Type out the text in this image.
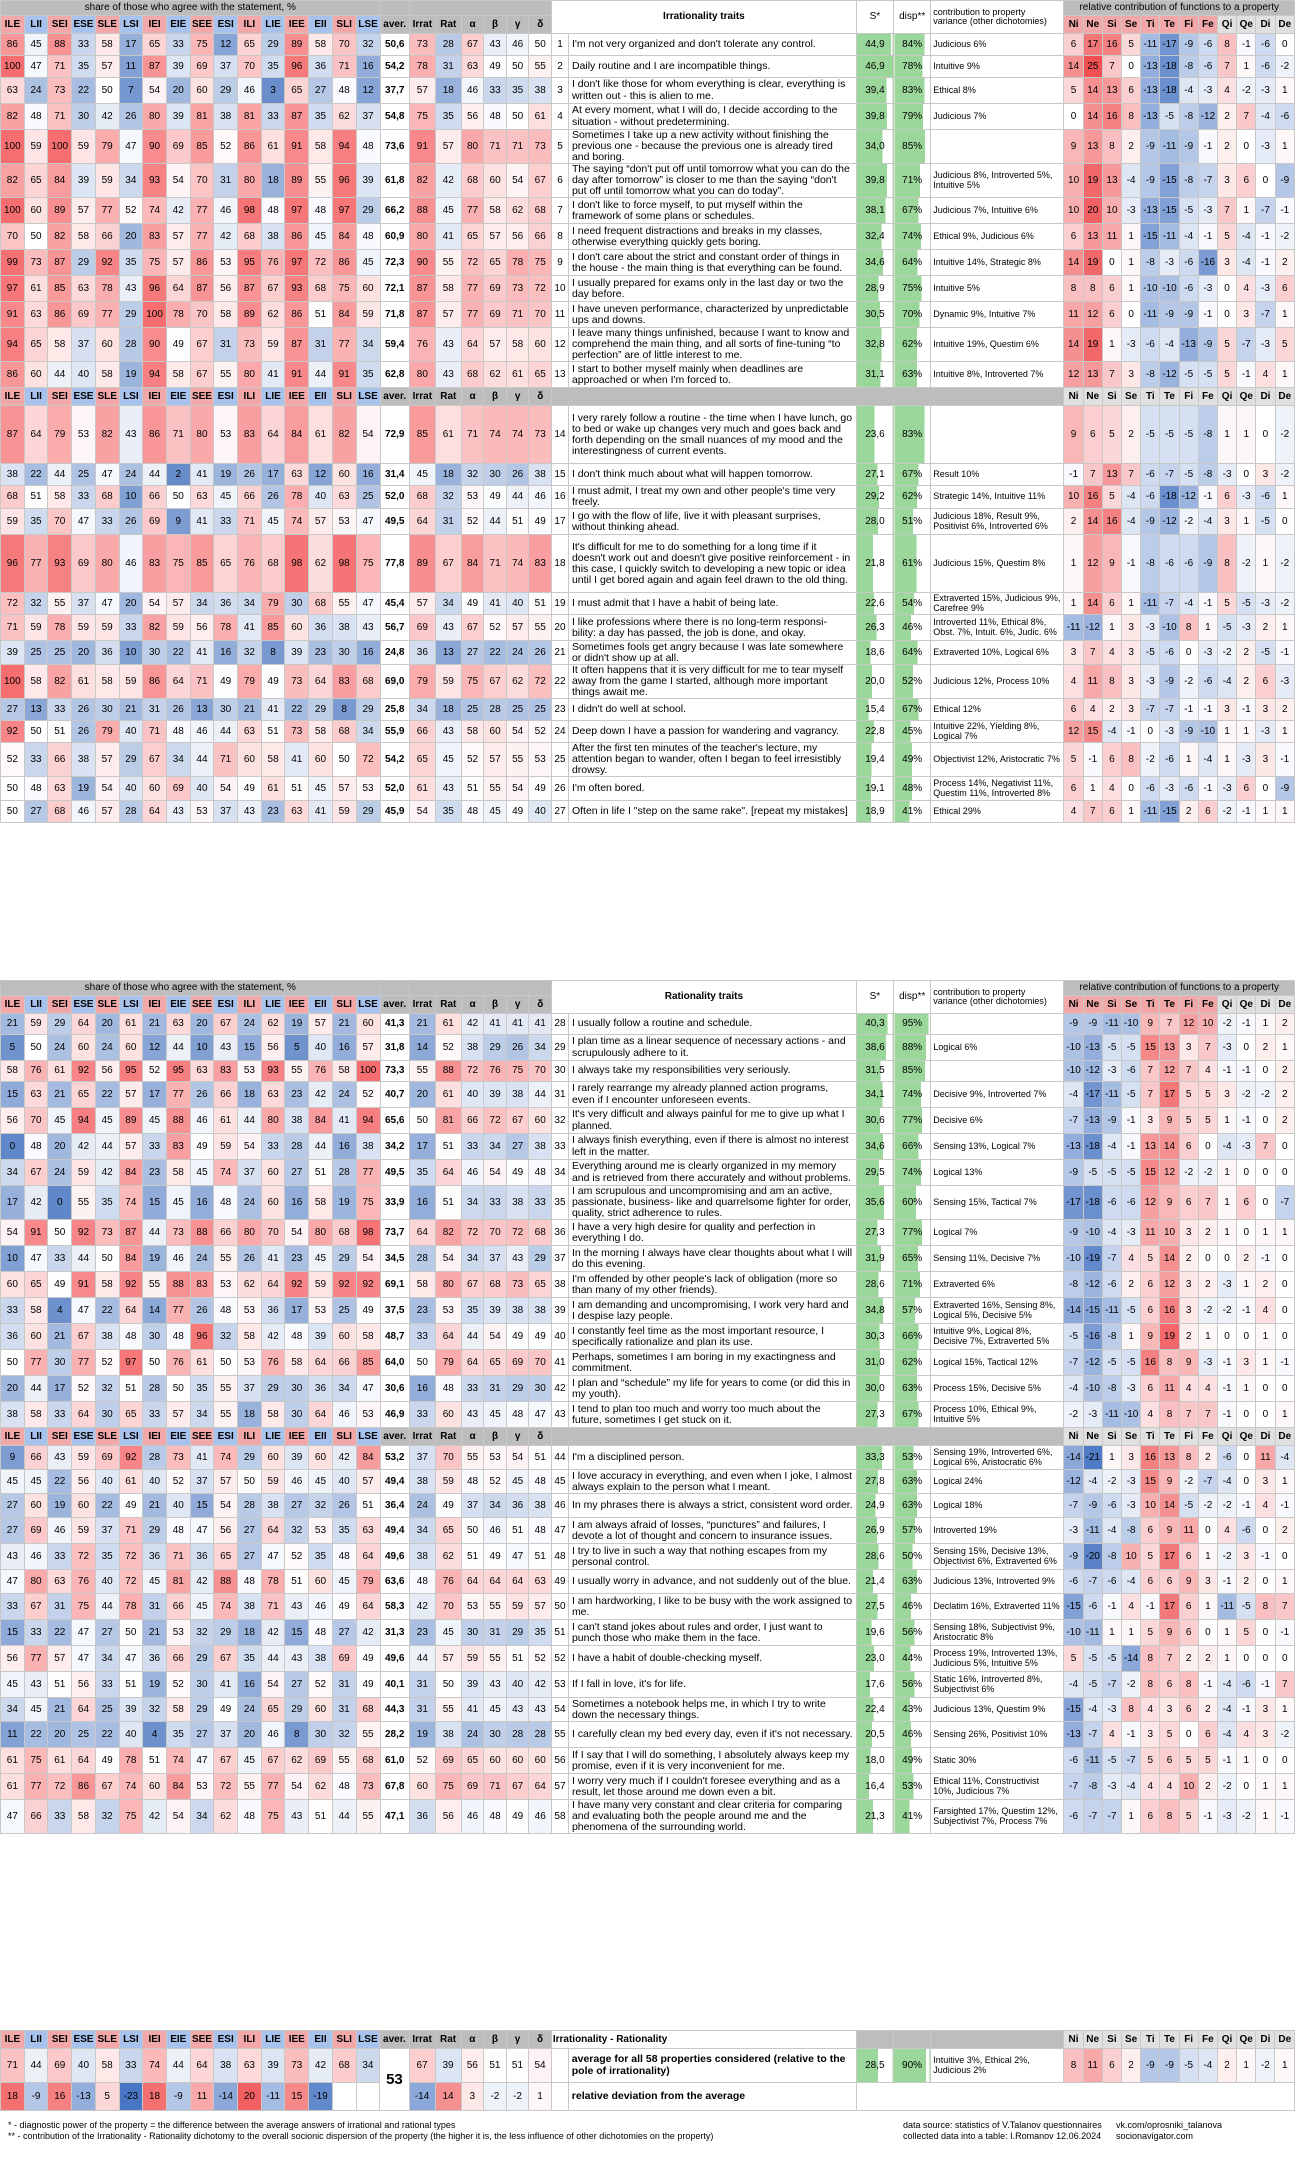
share of those who agree with the statement, %																							Irrationality traits		S*	disp**	contribution to property variance (other dichotomies)	relative contribution of functions to a property											
ILE	LII	SEI	ESE	SLE	LSI	IEI	EIE	SEE	ESI	ILI	LIE	IEE	EII	SLI	LSE	aver.	Irrat	Rat	α	β	γ	δ						Ni	Ne	Si	Se	Ti	Te	Fi	Fe	Qi	Qe	Di	De
86	45	88	33	58	17	65	33	75	12	65	29	89	58	70	32	50,6	73	28	67	43	46	50	1	I'm not very organized and don't tolerate any control.	44,9	84%	Judicious 6%	6	17	16	5	-11	-17	-9	-6	8	-1	-6	0
100	47	71	35	57	11	87	39	69	37	70	35	96	36	71	16	54,2	78	31	63	49	50	55	2	Daily routine and I are incompatible things.	46,9	78%	Intuitive 9%	14	25	7	0	-13	-18	-8	-6	7	1	-6	-2
63	24	73	22	50	7	54	20	60	29	46	3	65	27	48	12	37,7	57	18	46	33	35	38	3	I don't like those for whom everything is clear, everything is written out - this is alien to me.	39,4	83%	Ethical 8%	5	14	13	6	-13	-18	-4	-3	4	-2	-3	1
82	48	71	30	42	26	80	39	81	38	81	33	87	35	62	37	54,8	75	35	56	48	50	61	4	At every moment, what I will do, I decide according to the situation - without predetermining.	39,8	79%	Judicious 7%	0	14	16	8	-13	-5	-8	-12	2	7	-4	-6
100	59	100	59	79	47	90	69	85	52	86	61	91	58	94	48	73,6	91	57	80	71	71	73	5	Sometimes I take up a new activity without finishing the previous one - because the previous one is already tired and boring.	34,0	85%		9	13	8	2	-9	-11	-9	-1	2	0	-3	1
82	65	84	39	59	34	93	54	70	31	80	18	89	55	96	39	61,8	82	42	68	60	54	67	6	The saying “don't put off until tomorrow what you can do the day after tomorrow” is closer to me than the saying “don't put off until tomorrow what you can do today”.	39,8	71%	Judicious 8%, Introverted 5%, Intuitive 5%	10	19	13	-4	-9	-15	-8	-7	3	6	0	-9
100	60	89	57	77	52	74	42	77	46	98	48	97	48	97	29	66,2	88	45	77	58	62	68	7	I don't like to force myself, to put myself within the framework of some plans or schedules.	38,1	67%	Judicious 7%, Intuitive 6%	10	20	10	-3	-13	-15	-5	-3	7	1	-7	-1
70	50	82	58	66	20	83	57	77	42	68	38	86	45	84	48	60,9	80	41	65	57	56	66	8	I need frequent distractions and breaks in my classes, otherwise everything quickly gets boring.	32,4	74%	Ethical 9%, Judicious 6%	6	13	11	1	-15	-11	-4	-1	5	-4	-1	-2
99	73	87	29	92	35	75	57	86	53	95	76	97	72	86	45	72,3	90	55	72	65	78	75	9	I don't care about the strict and constant order of things in the house - the main thing is that everything can be found.	34,6	64%	Intuitive 14%, Strategic 8%	14	19	0	1	-8	-3	-6	-16	3	-4	-1	2
97	61	85	63	78	43	96	64	87	56	87	67	93	68	75	60	72,1	87	58	77	69	73	72	10	I usually prepared for exams only in the last day or two the day before.	28,9	75%	Intuitive 5%	8	8	6	1	-10	-10	-6	-3	0	4	-3	6
91	63	86	69	77	29	100	78	70	58	89	62	86	51	84	59	71,8	87	57	77	69	71	70	11	I have uneven performance, characterized by unpredictable ups and downs.	30,5	70%	Dynamic 9%, Intuitive 7%	11	12	6	0	-11	-9	-9	-1	0	3	-7	1
94	65	58	37	60	28	90	49	67	31	73	59	87	31	77	34	59,4	76	43	64	57	58	60	12	I leave many things unfinished, because I want to know and comprehend the main thing, and all sorts of fine-tuning “to perfection” are of little interest to me.	32,8	62%	Intuitive 19%, Questim 6%	14	19	1	-3	-6	-4	-13	-9	5	-7	-3	5
86	60	44	40	58	19	94	58	67	55	80	41	91	44	91	35	62,8	80	43	68	62	61	65	13	I start to bother myself mainly when deadlines are approached or when I'm forced to.	31,1	63%	Intuitive 8%, Introverted 7%	12	13	7	3	-8	-12	-5	-5	5	-1	4	1
ILE	LII	SEI	ESE	SLE	LSI	IEI	EIE	SEE	ESI	ILI	LIE	IEE	EII	SLI	LSE	aver.	Irrat	Rat	α	β	γ	δ						Ni	Ne	Si	Se	Ti	Te	Fi	Fe	Qi	Qe	Di	De
87	64	79	53	82	43	86	71	80	53	83	64	84	61	82	54	72,9	85	61	71	74	74	73	14	I very rarely follow a routine - the time when I have lunch, go to bed or wake up changes very much and goes back and forth depending on the small nuances of my mood and the interestingness of current events.	23,6	83%		9	6	5	2	-5	-5	-5	-8	1	1	0	-2
38	22	44	25	47	24	44	2	41	19	26	17	63	12	60	16	31,4	45	18	32	30	26	38	15	I don't think much about what will happen tomorrow.	27,1	67%	Result 10%	-1	7	13	7	-6	-7	-5	-8	-3	0	3	-2
68	51	58	33	68	10	66	50	63	45	66	26	78	40	63	25	52,0	68	32	53	49	44	46	16	I must admit, I treat my own and other people's time very freely.	29,2	62%	Strategic 14%, Intuitive 11%	10	16	5	-4	-6	-18	-12	-1	6	-3	-6	1
59	35	70	47	33	26	69	9	41	33	71	45	74	57	53	47	49,5	64	31	52	44	51	49	17	I go with the flow of life, live it with pleasant surprises, without thinking ahead.	28,0	51%	Judicious 18%, Result 9%, Positivist 6%, Introverted 6%	2	14	16	-4	-9	-12	-2	-4	3	1	-5	0
96	77	93	69	80	46	83	75	85	65	76	68	98	62	98	75	77,8	89	67	84	71	74	83	18	It's difficult for me to do something for a long time if it doesn't work out and doesn't give positive reinforcement - in this case, I quickly switch to developing a new topic or idea until I get bored again and again feel drawn to the old thing.	21,8	61%	Judicious 15%, Questim 8%	1	12	9	-1	-8	-6	-6	-9	8	-2	1	-2
72	32	55	37	47	20	54	57	34	36	34	79	30	68	55	47	45,4	57	34	49	41	40	51	19	I must admit that I have a habit of being late.	22,6	54%	Extraverted 15%, Judicious 9%, Carefree 9%	1	14	6	1	-11	-7	-4	-1	5	-5	-3	-2
71	59	78	59	59	33	82	59	56	78	41	85	60	36	38	43	56,7	69	43	67	52	57	55	20	I like professions where there is no long-term responsi- bility: a day has passed, the job is done, and okay.	26,3	46%	Introverted 11%, Ethical 8%, Obst. 7%, Intuit. 6%, Judic. 6%	-11	-12	1	3	-3	-10	8	1	-5	-3	2	1
39	25	25	20	36	10	30	22	41	16	32	8	39	23	30	16	24,8	36	13	27	22	24	26	21	Sometimes fools get angry because I was late somewhere or didn't show up at all.	18,6	64%	Extraverted 10%, Logical 6%	3	7	4	3	-5	-6	0	-3	-2	2	-5	-1
100	58	82	61	58	59	86	64	71	49	79	49	73	64	83	68	69,0	79	59	75	67	62	72	22	It often happens that it is very difficult for me to tear myself away from the game I started, although more important things await me.	20,0	52%	Judicious 12%, Process 10%	4	11	8	3	-3	-9	-2	-6	-4	2	6	-3
27	13	33	26	30	21	31	26	13	30	21	41	22	29	8	29	25,8	34	18	25	28	25	25	23	I didn't do well at school.	15,4	67%	Ethical 12%	6	4	2	3	-7	-7	-1	-1	3	-1	3	2
92	50	51	26	79	40	71	48	46	44	63	51	73	58	68	34	55,9	66	43	58	60	54	52	24	Deep down I have a passion for wandering and vagrancy.	22,8	45%	Intuitive 22%, Yielding 8%, Logical 7%	12	15	-4	-1	0	-3	-9	-10	1	1	-3	1
52	33	66	38	57	29	67	34	44	71	60	58	41	60	50	72	54,2	65	45	52	57	55	53	25	After the first ten minutes of the teacher's lecture, my attention began to wander, often I began to feel irresistibly drowsy.	19,4	49%	Objectivist 12%, Aristocratic 7%	5	-1	6	8	-2	-6	1	-4	1	-3	3	-1
50	48	63	19	54	40	60	69	40	54	49	61	51	45	57	53	52,0	61	43	51	55	54	49	26	I'm often bored.	19,1	48%	Process 14%, Negativist 11%, Questim 11%, Introverted 8%	6	1	4	0	-6	-3	-6	-1	-3	6	0	-9
50	27	68	46	57	28	64	43	53	37	43	23	63	41	59	29	45,9	54	35	48	45	49	40	27	Often in life I "step on the same rake". [repeat my mistakes]	18,9	41%	Ethical 29%	4	7	6	1	-11	-15	2	6	-2	-1	1	1
share of those who agree with the statement, %																							Rationality traits		S*	disp**	contribution to property variance (other dichotomies)	relative contribution of functions to a property											
ILE	LII	SEI	ESE	SLE	LSI	IEI	EIE	SEE	ESI	ILI	LIE	IEE	EII	SLI	LSE	aver.	Irrat	Rat	α	β	γ	δ						Ni	Ne	Si	Se	Ti	Te	Fi	Fe	Qi	Qe	Di	De
21	59	29	64	20	61	21	63	20	67	24	62	19	57	21	60	41,3	21	61	42	41	41	41	28	I usually follow a routine and schedule.	40,3	95%		-9	-9	-11	-10	9	7	12	10	-2	-1	1	2
5	50	24	60	24	60	12	44	10	43	15	56	5	40	16	57	31,8	14	52	38	29	26	34	29	I plan time as a linear sequence of necessary actions - and scrupulously adhere to it.	38,6	88%	Logical 6%	-10	-13	-5	-5	15	13	3	7	-3	0	2	1
58	76	61	92	56	95	52	95	63	83	53	93	55	76	58	100	73,3	55	88	72	76	75	70	30	I always take my responsibilities very seriously.	31,5	85%		-10	-12	-3	-6	7	12	7	4	-1	-1	0	2
15	63	21	65	22	57	17	77	26	66	18	63	23	42	24	52	40,7	20	61	40	39	38	44	31	I rarely rearrange my already planned action programs, even if I encounter unforeseen events.	34,1	74%	Decisive 9%, Introverted 7%	-4	-17	-11	-5	7	17	5	5	3	-2	-2	2
56	70	45	94	45	89	45	88	46	61	44	80	38	84	41	94	65,6	50	81	66	72	67	60	32	It's very difficult and always painful for me to give up what I planned.	30,6	77%	Decisive 6%	-7	-13	-9	-1	3	9	5	5	1	-1	0	2
0	48	20	42	44	57	33	83	49	59	54	33	28	44	16	38	34,2	17	51	33	34	27	38	33	I always finish everything, even if there is almost no interest left in the matter.	34,6	66%	Sensing 13%, Logical 7%	-13	-18	-4	-1	13	14	6	0	-4	-3	7	0
34	67	24	59	42	84	23	58	45	74	37	60	27	51	28	77	49,5	35	64	46	54	49	48	34	Everything around me is clearly organized in my memory and is retrieved from there accurately and without problems.	29,5	74%	Logical 13%	-9	-5	-5	-5	15	12	-2	-2	1	0	0	0
17	42	0	55	35	74	15	45	16	48	24	60	16	58	19	75	33,9	16	51	34	33	38	33	35	I am scrupulous and uncompromising and am an active, passionate, business- like and quarrelsome fighter for order, quality, strict adherence to rules.	35,6	60%	Sensing 15%, Tactical 7%	-17	-18	-6	-6	12	9	6	7	1	6	0	-7
54	91	50	92	73	87	44	73	88	66	80	70	54	80	68	98	73,7	64	82	72	70	72	68	36	I have a very high desire for quality and perfection in everything I do.	27,3	77%	Logical 7%	-9	-10	-4	-3	11	10	3	2	1	0	1	1
10	47	33	44	50	84	19	46	24	55	26	41	23	45	29	54	34,5	28	54	34	37	43	29	37	In the morning I always have clear thoughts about what I will do this evening.	31,9	65%	Sensing 11%, Decisive 7%	-10	-19	-7	4	5	14	2	0	0	2	-1	0
60	65	49	91	58	92	55	88	83	53	62	64	92	59	92	92	69,1	58	80	67	68	73	65	38	I'm offended by other people's lack of obligation (more so than many of my other friends).	28,6	71%	Extraverted 6%	-8	-12	-6	2	6	12	3	2	-3	1	2	0
33	58	4	47	22	64	14	77	26	48	53	36	17	53	25	49	37,5	23	53	35	39	38	38	39	I am demanding and uncompromising, I work very hard and I despise lazy people.	34,8	57%	Extraverted 16%, Sensing 8%, Logical 5%, Decisive 5%	-14	-15	-11	-5	6	16	3	-2	-2	-1	4	0
36	60	21	67	38	48	30	48	96	32	58	42	48	39	60	58	48,7	33	64	44	54	49	49	40	I constantly feel time as the most important resource, I specifically rationalize and plan its use.	30,3	66%	Intuitive 9%, Logical 8%, Decisive 7%, Extraverted 5%	-5	-16	-8	1	9	19	2	1	0	0	1	0
50	77	30	77	52	97	50	76	61	50	53	76	58	64	66	85	64,0	50	79	64	65	69	70	41	Perhaps, sometimes I am boring in my exactingness and commitment.	31,0	62%	Logical 15%, Tactical 12%	-7	-12	-5	-5	16	8	9	-3	-1	3	1	-1
20	44	17	52	32	51	28	50	35	55	37	29	30	36	34	47	30,6	16	48	33	31	29	30	42	I plan and “schedule” my life for years to come (or did this in my youth).	30,0	63%	Process 15%, Decisive 5%	-4	-10	-8	-3	6	11	4	4	-1	1	0	0
38	58	33	64	30	65	33	57	34	55	18	58	30	64	46	53	46,9	33	60	43	45	48	47	43	I tend to plan too much and worry too much about the future, sometimes I get stuck on it.	27,3	67%	Process 10%, Ethical 9%, Intuitive 5%	-2	-3	-11	-10	4	8	7	7	-1	0	0	1
ILE	LII	SEI	ESE	SLE	LSI	IEI	EIE	SEE	ESI	ILI	LIE	IEE	EII	SLI	LSE	aver.	Irrat	Rat	α	β	γ	δ						Ni	Ne	Si	Se	Ti	Te	Fi	Fe	Qi	Qe	Di	De
9	66	43	59	69	92	28	73	41	74	29	60	39	60	42	84	53,2	37	70	55	53	54	51	44	I'm a disciplined person.	33,3	53%	Sensing 19%, Introverted 6%, Logical 6%, Aristocratic 6%	-14	-21	1	3	16	13	8	2	-6	0	11	-4
45	45	22	56	40	61	40	52	37	57	50	59	46	45	40	57	49,4	38	59	48	52	45	48	45	I love accuracy in everything, and even when I joke, I almost always explain to the person what I meant.	27,8	63%	Logical 24%	-12	-4	-2	-3	15	9	-2	-7	-4	0	3	1
27	60	19	60	22	49	21	40	15	54	28	38	27	32	26	51	36,4	24	49	37	34	36	38	46	In my phrases there is always a strict, consistent word order.	24,9	63%	Logical 18%	-7	-9	-6	-3	10	14	-5	-2	-2	-1	4	-1
27	69	46	59	37	71	29	48	47	56	27	64	32	53	35	63	49,4	34	65	50	46	51	48	47	I am always afraid of losses, “punctures” and failures, I devote a lot of thought and concern to insurance issues.	26,9	57%	Introverted 19%	-3	-11	-4	-8	6	9	11	0	4	-6	0	2
43	46	33	72	35	72	36	71	36	65	27	47	52	35	48	64	49,6	38	62	51	49	47	51	48	I try to live in such a way that nothing escapes from my personal control.	28,6	50%	Sensing 15%, Decisive 13%, Objectivist 6%, Extraverted 6%	-9	-20	-8	10	5	17	6	1	-2	3	-1	0
47	80	63	76	40	72	45	81	42	88	48	78	51	60	45	79	63,6	48	76	64	64	64	63	49	I usually worry in advance, and not suddenly out of the blue.	21,4	63%	Judicious 13%, Introverted 9%	-6	-7	-6	-4	6	6	9	3	-1	2	0	1
33	67	31	75	44	78	31	66	45	74	38	71	43	46	49	64	58,3	42	70	53	55	59	57	50	I am hardworking, I like to be busy with the work assigned to me.	27,5	46%	Declatim 16%, Extraverted 11%	-15	-6	-1	4	-1	17	6	1	-11	-5	8	7
15	33	22	47	27	50	21	53	32	29	18	42	15	48	27	42	31,3	23	45	30	31	29	35	51	I can't stand jokes about rules and order, I just want to punch those who make them in the face.	19,6	56%	Sensing 18%, Subjectivist 9%, Aristocratic 8%	-10	-11	1	1	5	9	6	0	1	5	0	-1
56	77	57	47	34	47	36	66	29	67	35	44	43	38	69	49	49,6	44	57	59	55	51	52	52	I have a habit of double-checking myself.	23,0	44%	Process 19%, Introverted 13%, Judicious 5%, Intuitive 5%	5	-5	-5	-14	8	7	2	2	1	0	0	0
45	43	51	56	33	51	19	52	30	41	16	54	27	52	31	49	40,1	31	50	39	43	40	42	53	If I fall in love, it's for life.	17,6	56%	Static 16%, Introverted 8%, Subjectivist 6%	-4	-5	-7	-2	8	6	8	-1	-4	-6	-1	7
34	45	21	64	25	39	32	58	29	49	24	65	29	60	31	68	44,3	31	55	41	45	43	43	54	Sometimes a notebook helps me, in which I try to write down the necessary things.	22,4	43%	Judicious 13%, Questim 9%	-15	-4	-3	8	4	3	6	2	-4	-1	3	1
11	22	20	25	22	40	4	35	27	37	20	46	8	30	32	55	28,2	19	38	24	30	28	28	55	I carefully clean my bed every day, even if it's not necessary.	20,5	46%	Sensing 26%, Positivist 10%	-13	-7	4	-1	3	5	0	6	-4	4	3	-2
61	75	61	64	49	78	51	74	47	67	45	67	62	69	55	68	61,0	52	69	65	60	60	60	56	If I say that I will do something, I absolutely always keep my promise, even if it is very inconvenient for me.	18,0	49%	Static 30%	-6	-11	-5	-7	5	6	5	5	-1	1	0	0
61	77	72	86	67	74	60	84	53	72	55	77	54	62	48	73	67,8	60	75	69	71	67	64	57	I worry very much if I couldn't foresee everything and as a result, let those around me down even a bit.	16,4	53%	Ethical 11%, Constructivist 10%, Judicious 7%	-7	-8	-3	-4	4	4	10	2	-2	0	1	1
47	66	33	58	32	75	42	54	34	62	48	75	43	51	44	55	47,1	36	56	46	48	49	46	58	I have many very constant and clear criteria for comparing and evaluating both the people around me and the phenomena of the surrounding world.	21,3	41%	Farsighted 17%, Questim 12%, Subjectivist 7%, Process 7%	-6	-7	-7	1	6	8	5	-1	-3	-2	1	-1
ILE	LII	SEI	ESE	SLE	LSI	IEI	EIE	SEE	ESI	ILI	LIE	IEE	EII	SLI	LSE	aver.	Irrat	Rat	α	β	γ	δ	Irrationality - Rationality					Ni	Ne	Si	Se	Ti	Te	Fi	Fe	Qi	Qe	Di	De
71	44	69	40	58	33	74	44	64	38	63	39	73	42	68	34	53	67	39	56	51	51	54		average for all 58 properties considered (relative to the pole of irrationality)	28,5	90%	Intuitive 3%, Ethical 2%, Judicious 2%	8	11	6	2	-9	-9	-5	-4	2	1	-2	1
18	-9	16	-13	5	-23	18	-9	11	-14	20	-11	15	-19				-14	14	3	-2	-2	1		relative deviation from the average															
* - diagnostic power of the property = the difference between the average answers of irrational and rational types
** - contribution of the Irrationality - Rationality dichotomy to the overall socionic dispersion of the property (the higher it is, the less influence of other dichotomies on the property)
data source: statistics of V.Talanov questionnaires
collected data into a table: I.Romanov 12.06.2024
vk.com/oprosniki_talanova
socionavigator.com
